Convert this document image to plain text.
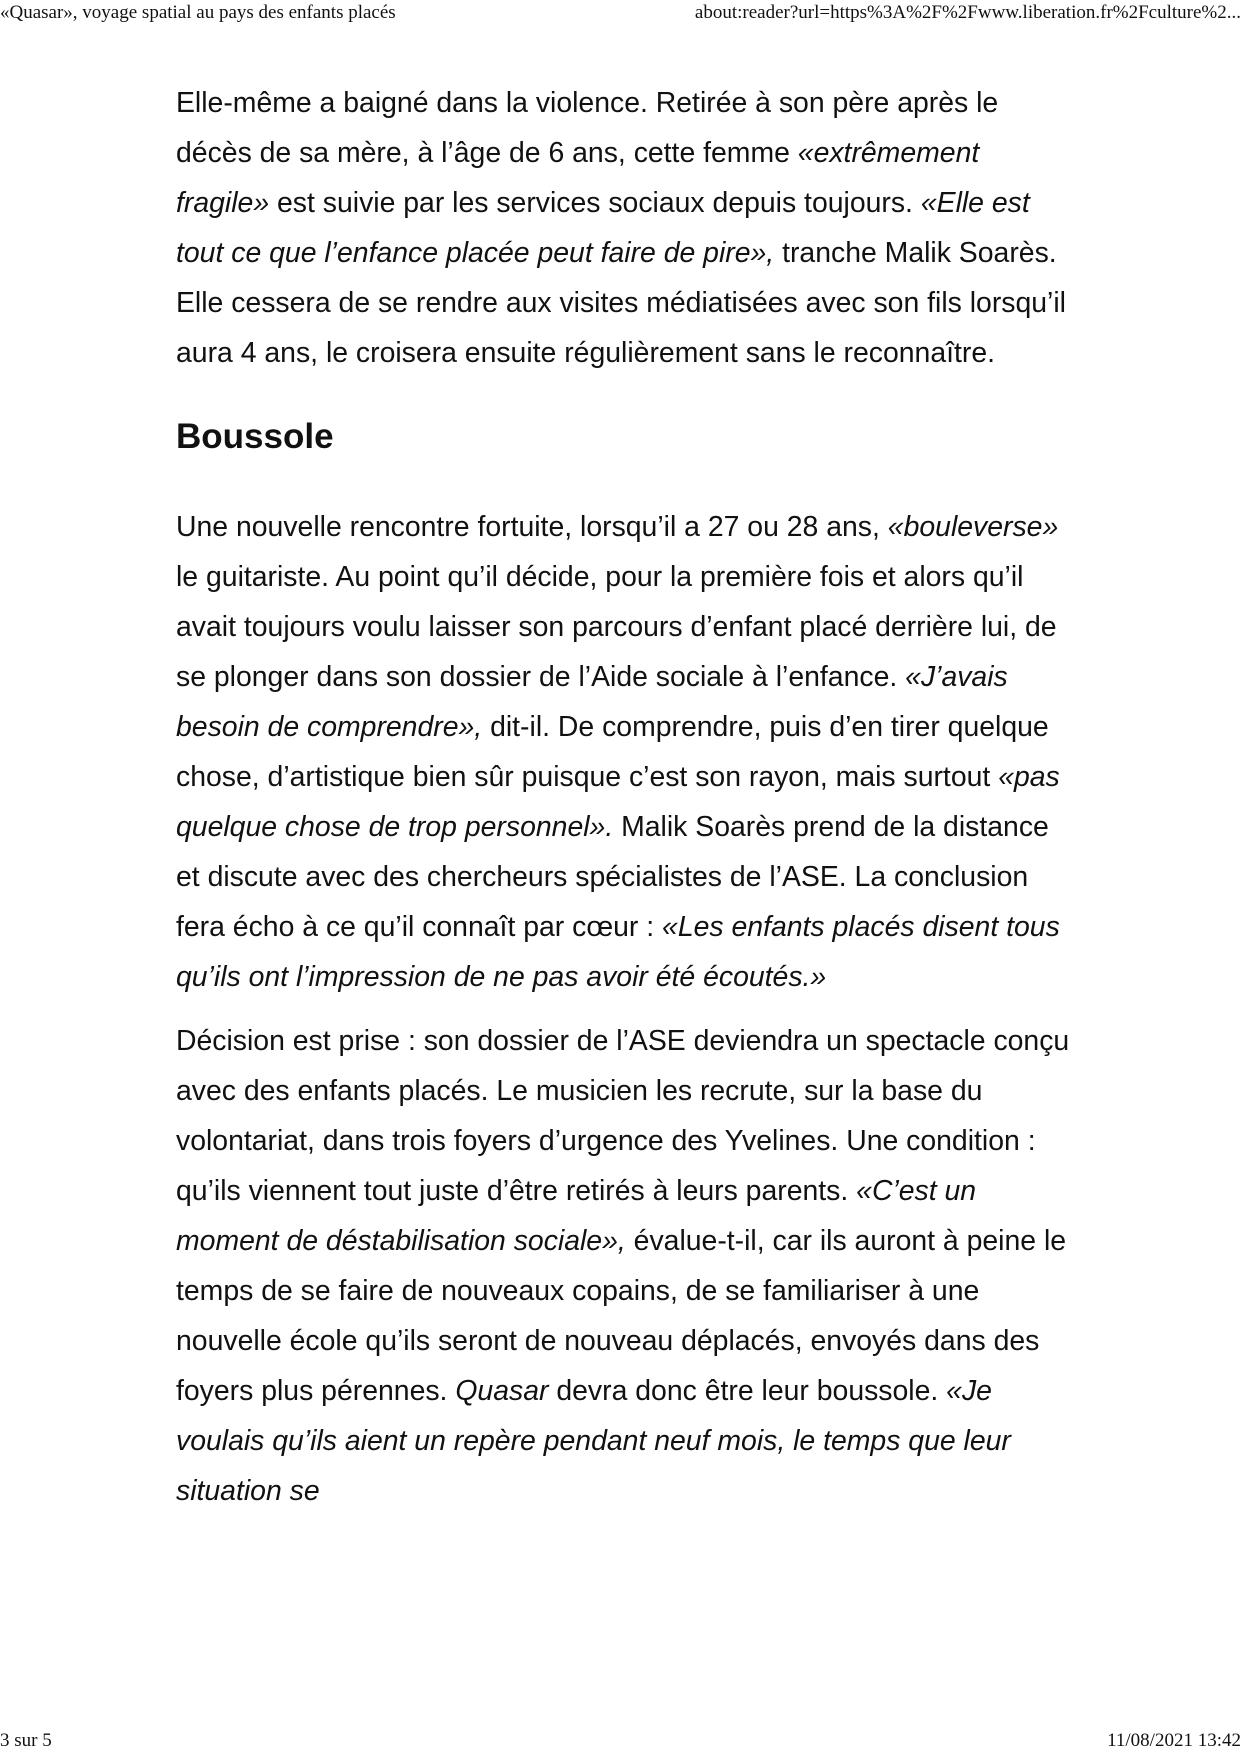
«Quasar», voyage spatial au pays des enfants placés	about:reader?url=https%3A%2F%2Fwww.liberation.fr%2Fculture%2...

Elle-même a baigné dans la violence. Retirée à son père après le décès de sa mère, à l’âge de 6 ans, cette femme «extrêmement fragile» est suivie par les services sociaux depuis toujours. «Elle est tout ce que l’enfance placée peut faire de pire», tranche Malik Soarès. Elle cessera de se rendre aux visites médiatisées avec son fils lorsqu’il aura 4 ans, le croisera ensuite régulièrement sans le reconnaître.

Boussole

Une nouvelle rencontre fortuite, lorsqu’il a 27 ou 28 ans, «bouleverse» le guitariste. Au point qu’il décide, pour la première fois et alors qu’il avait toujours voulu laisser son parcours d’enfant placé derrière lui, de se plonger dans son dossier de l’Aide sociale à l’enfance. «J’avais besoin de comprendre», dit-il. De comprendre, puis d’en tirer quelque chose, d’artistique bien sûr puisque c’est son rayon, mais surtout «pas quelque chose de trop personnel». Malik Soarès prend de la distance et discute avec des chercheurs spécialistes de l’ASE. La conclusion fera écho à ce qu’il connaît par cœur : «Les enfants placés disent tous qu’ils ont l’impression de ne pas avoir été écoutés.»

Décision est prise : son dossier de l’ASE deviendra un spectacle conçu avec des enfants placés. Le musicien les recrute, sur la base du volontariat, dans trois foyers d’urgence des Yvelines. Une condition : qu’ils viennent tout juste d’être retirés à leurs parents. «C’est un moment de déstabilisation sociale», évalue-t-il, car ils auront à peine le temps de se faire de nouveaux copains, de se familiariser à une nouvelle école qu’ils seront de nouveau déplacés, envoyés dans des foyers plus pérennes. Quasar devra donc être leur boussole. «Je voulais qu’ils aient un repère pendant neuf mois, le temps que leur situation se

3 sur 5	11/08/2021 13:42
